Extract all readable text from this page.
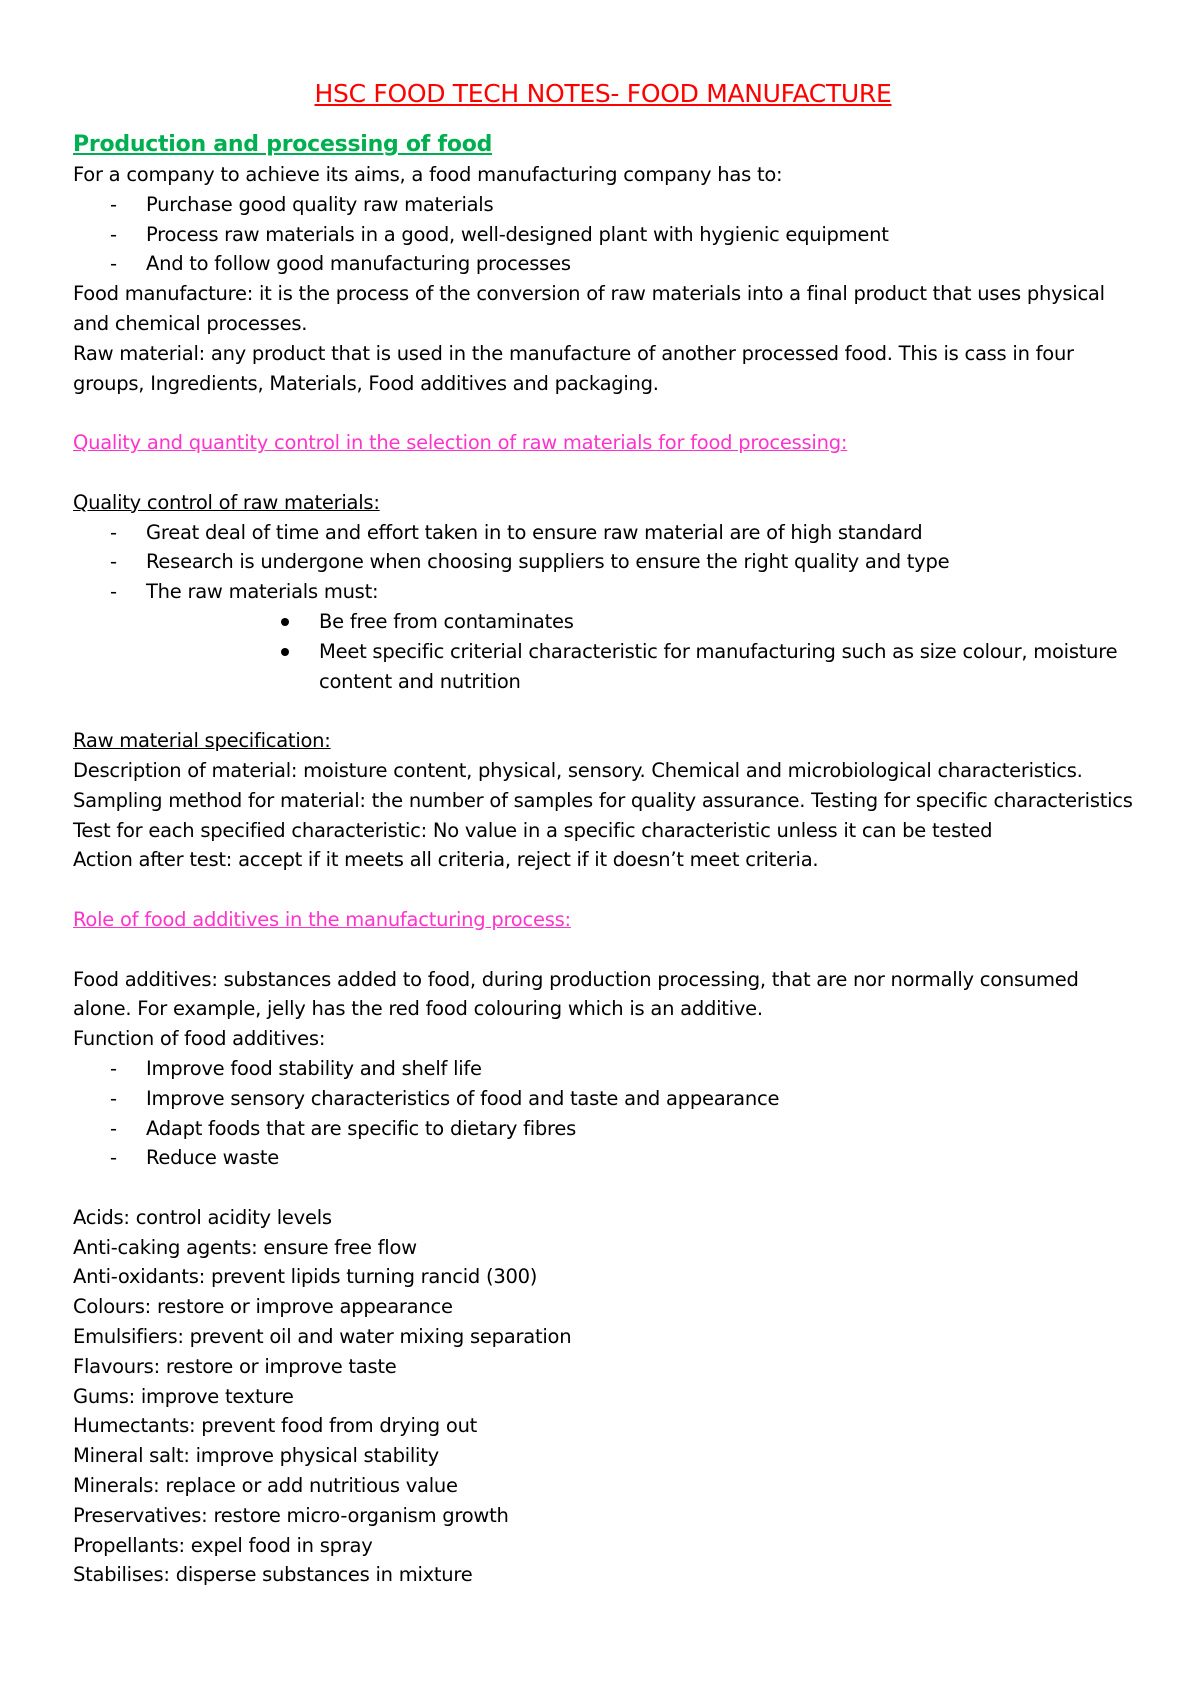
HSC FOOD TECH NOTES- FOOD MANUFACTURE
Production and processing of food

For a company to achieve its aims, a food manufacturing company has to:

- Purchase good quality raw materials
- Process raw materials in a good, well-designed plant with hygienic equipment
- And to follow good manufacturing processes

Food manufacture: it is the process of the conversion of raw materials into a final product that uses physical and chemical processes.

Raw material: any product that is used in the manufacture of another processed food. This is cass in four groups, Ingredients, Materials, Food additives and packaging.

Quality and quantity control in the selection of raw materials for food processing:

Quality control of raw materials:

- Great deal of time and effort taken in to ensure raw material are of high standard
- Research is undergone when choosing suppliers to ensure the right quality and type
- The raw materials must:
Be free from contaminates
Meet specific criterial characteristic for manufacturing such as size colour, moisture content and nutrition

Raw material specification:

Description of material: moisture content, physical, sensory. Chemical and microbiological characteristics.

Sampling method for material: the number of samples for quality assurance. Testing for specific characteristics

Test for each specified characteristic: No value in a specific characteristic unless it can be tested

Action after test: accept if it meets all criteria, reject if it doesn’t meet criteria.

Role of food additives in the manufacturing process:

Food additives: substances added to food, during production processing, that are nor normally consumed alone. For example, jelly has the red food colouring which is an additive.

Function of food additives:

- Improve food stability and shelf life
- Improve sensory characteristics of food and taste and appearance
- Adapt foods that are specific to dietary fibres
- Reduce waste

Acids: control acidity levels

Anti-caking agents: ensure free flow

Anti-oxidants: prevent lipids turning rancid (300)

Colours: restore or improve appearance

Emulsifiers: prevent oil and water mixing separation

Flavours: restore or improve taste

Gums: improve texture

Humectants: prevent food from drying out

Mineral salt: improve physical stability

Minerals: replace or add nutritious value

Preservatives: restore micro-organism growth

Propellants: expel food in spray

Stabilises: disperse substances in mixture
